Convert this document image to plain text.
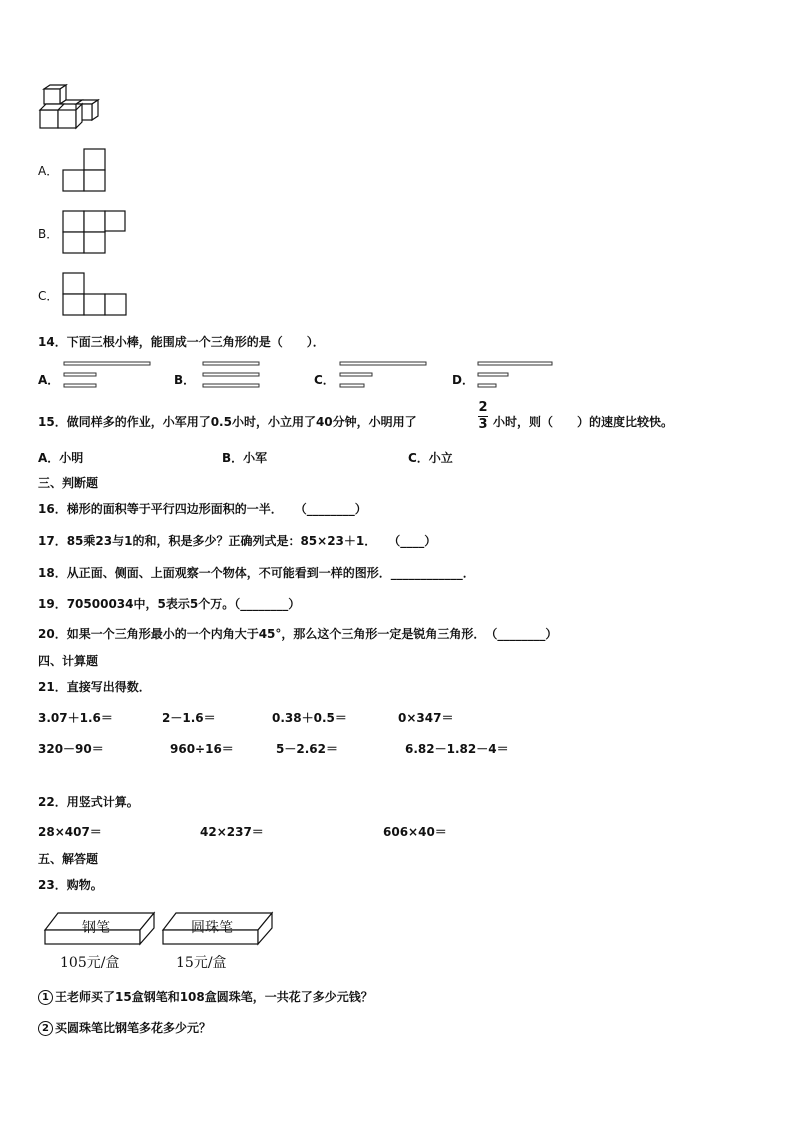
A．
B．
C．
14．下面三根小棒，能围成一个三角形的是（　　）．
A．	B．	C．	D．
15．做同样多的作业，小军用了0.5小时，小立用了40分钟，小明用了
2
3 小时，则（　　）的速度比较快。
A．小明	B．小军	C．小立
三、判断题
16．梯形的面积等于平行四边形面积的一半．　　（________）
17．85乘23与1的和，积是多少？正确列式是：85×23＋1．　　（____）
18．从正面、侧面、上面观察一个物体，不可能看到一样的图形．____________．
19．70500034中，5表示5个万。（________）
20．如果一个三角形最小的一个内角大于45°，那么这个三角形一定是锐角三角形．　（________）
四、计算题
21．直接写出得数．
3.07＋1.6＝	2－1.6＝	0.38＋0.5＝	0×347＝
320－90＝	960÷16＝	5－2.62＝	6.82－1.82－4＝
22．用竖式计算。
28×407＝	42×237＝	606×40＝
五、解答题
23．购物。
钢笔
105元/盒
圆珠笔
15元/盒
1 王老师买了15盒钢笔和108盒圆珠笔，一共花了多少元钱？
2 买圆珠笔比钢笔多花多少元？
